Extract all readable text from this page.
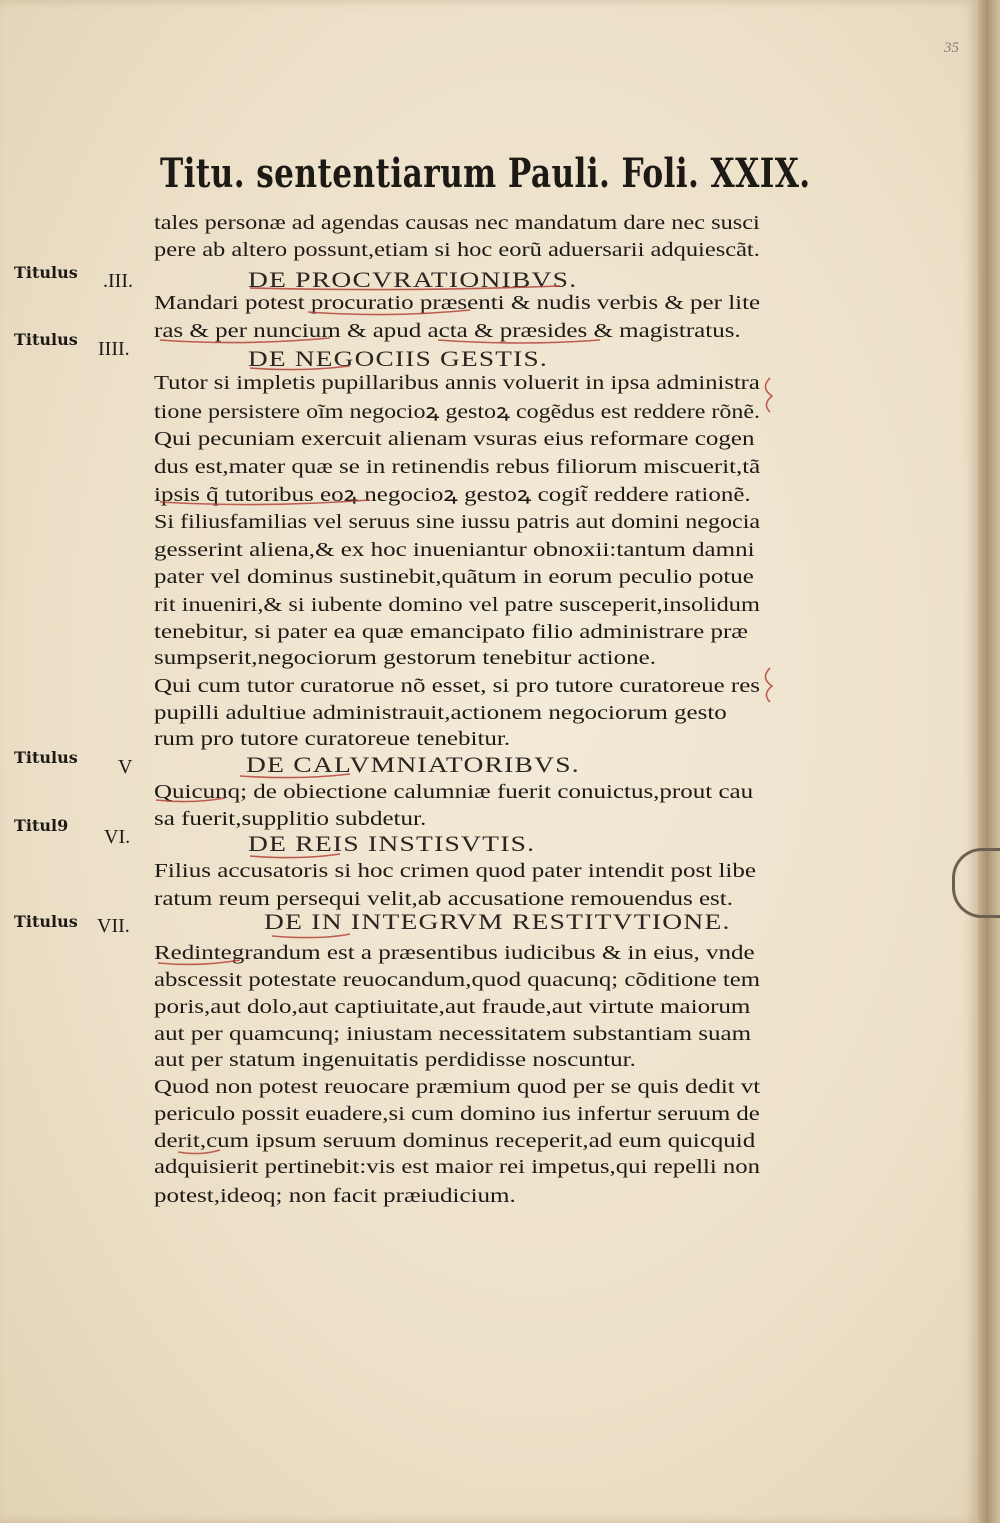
35
Titu. sententiarum Pauli. Foli. XXIX.
Titulus .III.
Titulus IIII.
Titulus V
Titul9
VI.
Titulus VII.
DE PROCVRATIONIBVS.
DE NEGOCIIS GESTIS.
DE CALVMNIATORIBVS.
DE REIS INSTISVTIS.
DE IN INTEGRVM RESTITVTIONE.
tales personæ ad agendas causas nec mandatum dare nec susci
pere ab altero possunt,etiam si hoc eorũ aduersarii adquiescãt.
Mandari potest procuratio præsenti & nudis verbis & per lite
ras & per nuncium & apud acta & præsides & magistratus.
Tutor si impletis pupillaribus annis voluerit in ipsa administra
tione persistere oĩm negocioꝝ gestoꝝ cogẽdus est reddere rõnẽ.
Qui pecuniam exercuit alienam vsuras eius reformare cogen
dus est,mater quæ se in retinendis rebus filiorum miscuerit,tã
ipsis q̃ tutoribus eoꝝ negocioꝝ gestoꝝ cogit̃ reddere rationẽ.
Si filiusfamilias vel seruus sine iussu patris aut domini negocia
gesserint aliena,& ex hoc inueniantur obnoxii:tantum damni
pater vel dominus sustinebit,quãtum in eorum peculio potue
rit inueniri,& si iubente domino vel patre susceperit,insolidum
tenebitur, si pater ea quæ emancipato filio administrare præ
sumpserit,negociorum gestorum tenebitur actione.
Qui cum tutor curatorue nõ esset, si pro tutore curatoreue res
pupilli adultiue administrauit,actionem negociorum gesto
rum pro tutore curatoreue tenebitur.
Quicunq; de obiectione calumniæ fuerit conuictus,prout cau
sa fuerit,supplitio subdetur.
Filius accusatoris si hoc crimen quod pater intendit post libe
ratum reum persequi velit,ab accusatione remouendus est.
Redintegrandum est a præsentibus iudicibus & in eius, vnde
abscessit potestate reuocandum,quod quacunq; cõditione tem
poris,aut dolo,aut captiuitate,aut fraude,aut virtute maiorum
aut per quamcunq; iniustam necessitatem substantiam suam
aut per statum ingenuitatis perdidisse noscuntur.
Quod non potest reuocare præmium quod per se quis dedit vt
periculo possit euadere,si cum domino ius infertur seruum de
derit,cum ipsum seruum dominus receperit,ad eum quicquid
adquisierit pertinebit:vis est maior rei impetus,qui repelli non
potest,ideoq; non facit præiudicium.
